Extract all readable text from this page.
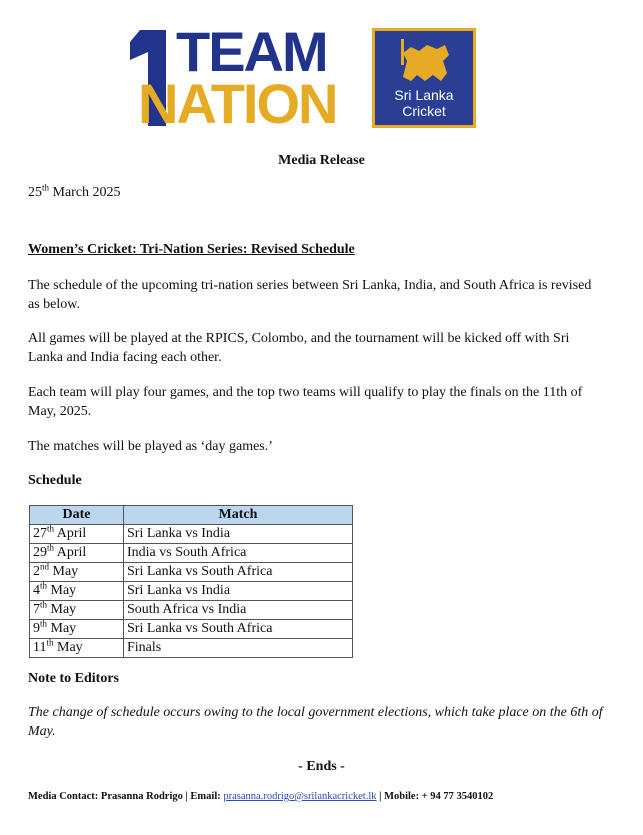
TEAM
NATION	Sri Lanka
Cricket
Media Release
25th March 2025
Women’s Cricket: Tri-Nation Series: Revised Schedule
The schedule of the upcoming tri-nation series between Sri Lanka, India, and South Africa is revised as below.
All games will be played at the RPICS, Colombo, and the tournament will be kicked off with Sri Lanka and India facing each other.
Each team will play four games, and the top two teams will qualify to play the finals on the 11th of May, 2025.
The matches will be played as ‘day games.’
Schedule
Date	Match
27th April	Sri Lanka vs India
29th April	India vs South Africa
2nd May	Sri Lanka vs South Africa
4th May	Sri Lanka vs India
7th May	South Africa vs India
9th May	Sri Lanka vs South Africa
11th May	Finals
Note to Editors
The change of schedule occurs owing to the local government elections, which take place on the 6th of May.
- Ends -
Media Contact: Prasanna Rodrigo | Email: prasanna.rodrigo@srilankacricket.lk | Mobile: + 94 77 3540102
